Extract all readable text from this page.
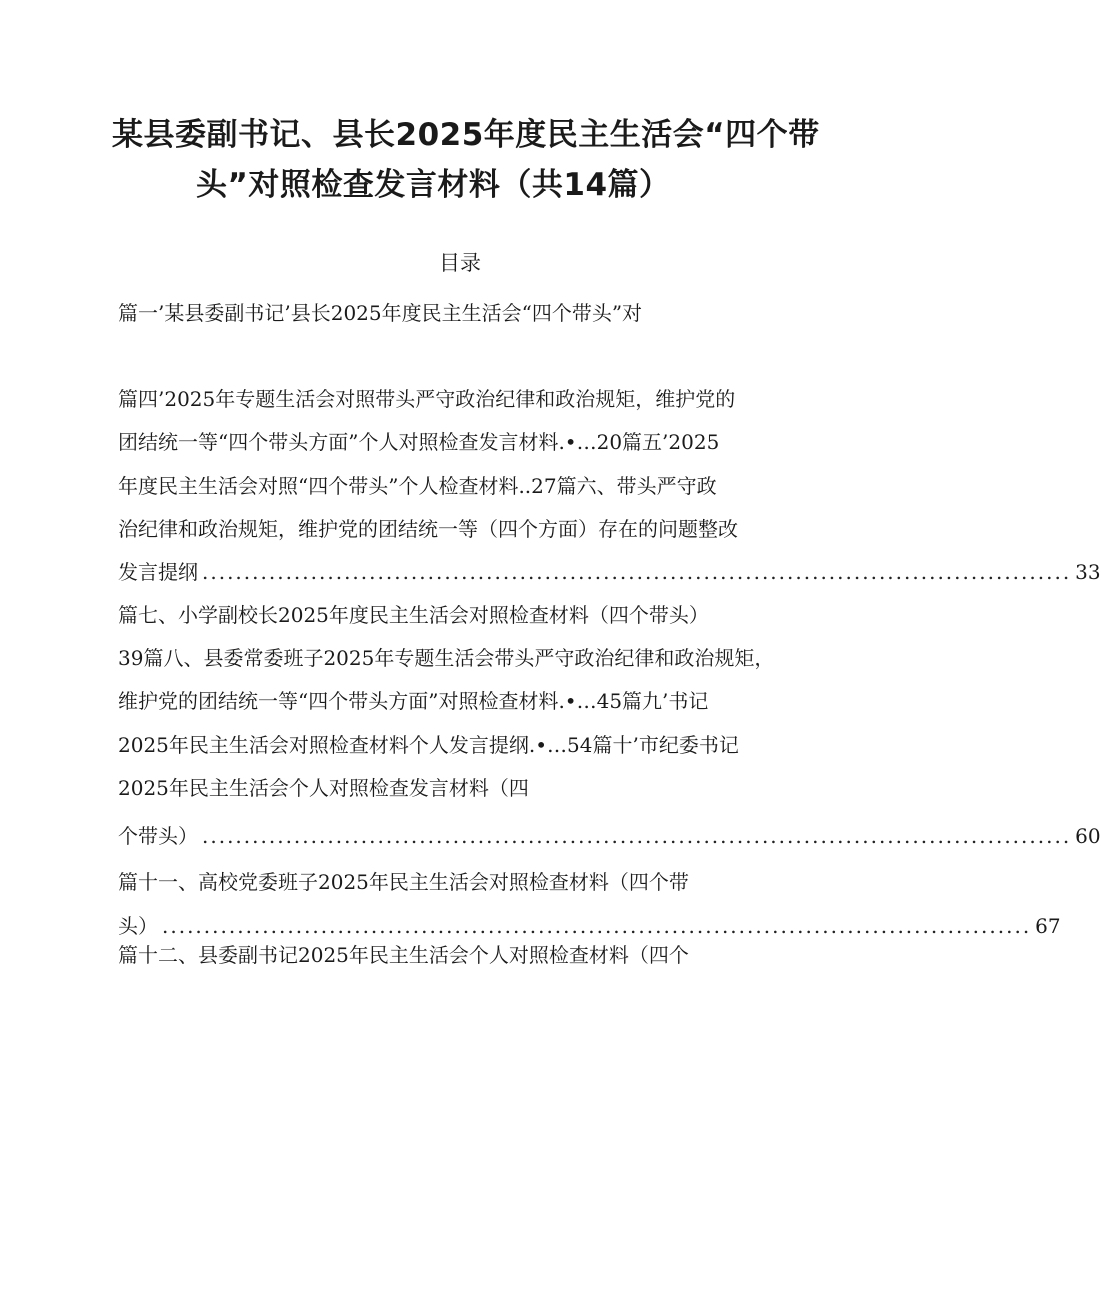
某县委副书记、县长2025年度民主生活会“四个带
头”对照检查发言材料（共14篇）
目录
篇一’某县委副书记’县长2025年度民主生活会“四个带头”对
篇四’2025年专题生活会对照带头严守政治纪律和政治规矩，维护党的
团结统一等“四个带头方面”个人对照检查发言材料.•…20篇五’2025
年度民主生活会对照“四个带头”个人检查材料..27篇六、带头严守政
治纪律和政治规矩，维护党的团结统一等（四个方面）存在的问题整改
发言提纲 ........................................................................................................ 33
篇七、小学副校长2025年度民主生活会对照检查材料（四个带头）
39篇八、县委常委班子2025年专题生活会带头严守政治纪律和政治规矩，
维护党的团结统一等“四个带头方面”对照检查材料.•…45篇九’书记
2025年民主生活会对照检查材料个人发言提纲.•…54篇十’市纪委书记
2025年民主生活会个人对照检查发言材料（四
个带头） ........................................................................................................ 60
篇十一、高校党委班子2025年民主生活会对照检查材料（四个带
头） ........................................................................................................ 67
篇十二、县委副书记2025年民主生活会个人对照检查材料（四个
